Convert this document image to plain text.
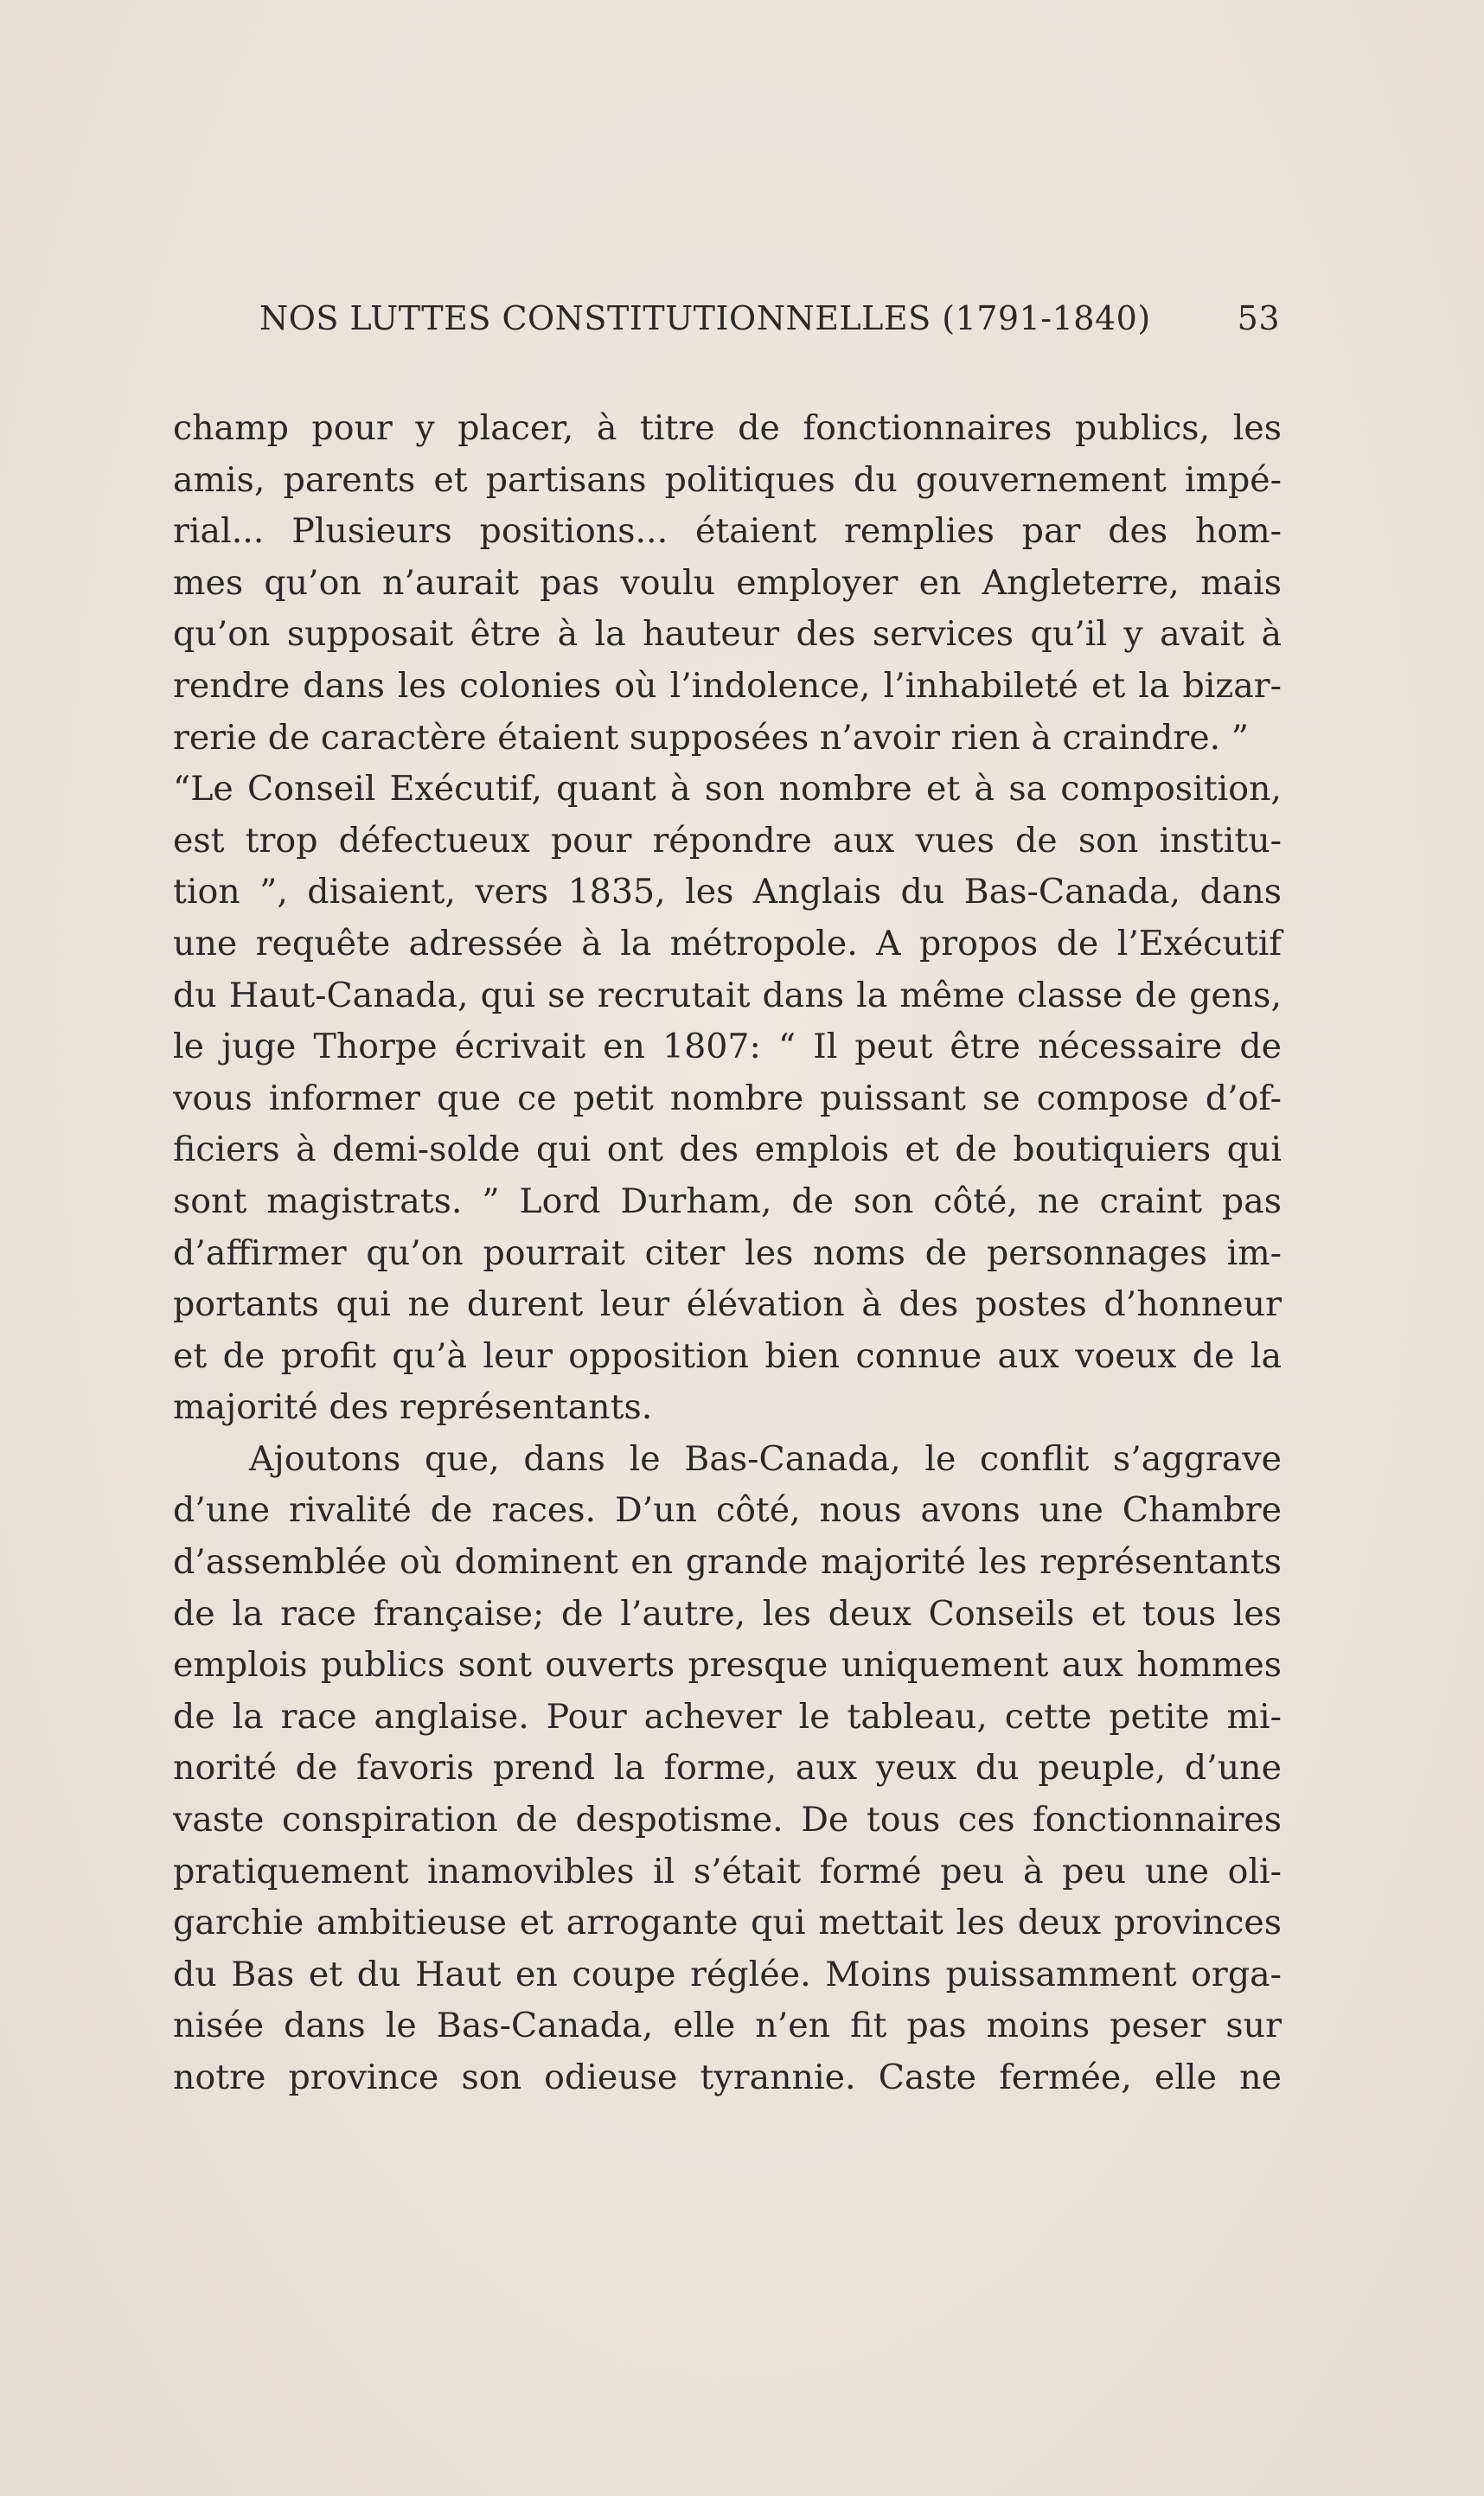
NOS LUTTES CONSTITUTIONNELLES (1791-1840)	53
champ pour y placer, à titre de fonctionnaires publics, les
amis, parents et partisans politiques du gouvernement impé-
rial... Plusieurs positions... étaient remplies par des hom-
mes qu’on n’aurait pas voulu employer en Angleterre, mais
qu’on supposait être à la hauteur des services qu’il y avait à
rendre dans les colonies où l’indolence, l’inhabileté et la bizar-
rerie de caractère étaient supposées n’avoir rien à craindre. ”
“Le Conseil Exécutif, quant à son nombre et à sa composition,
est trop défectueux pour répondre aux vues de son institu-
tion ”, disaient, vers 1835, les Anglais du Bas-Canada, dans
une requête adressée à la métropole. A propos de l’Exécutif
du Haut-Canada, qui se recrutait dans la même classe de gens,
le juge Thorpe écrivait en 1807: “ Il peut être nécessaire de
vous informer que ce petit nombre puissant se compose d’of-
ficiers à demi-solde qui ont des emplois et de boutiquiers qui
sont magistrats. ” Lord Durham, de son côté, ne craint pas
d’affirmer qu’on pourrait citer les noms de personnages im-
portants qui ne durent leur élévation à des postes d’honneur
et de profit qu’à leur opposition bien connue aux voeux de la
majorité des représentants.
Ajoutons que, dans le Bas-Canada, le conflit s’aggrave
d’une rivalité de races. D’un côté, nous avons une Chambre
d’assemblée où dominent en grande majorité les représentants
de la race française; de l’autre, les deux Conseils et tous les
emplois publics sont ouverts presque uniquement aux hommes
de la race anglaise. Pour achever le tableau, cette petite mi-
norité de favoris prend la forme, aux yeux du peuple, d’une
vaste conspiration de despotisme. De tous ces fonctionnaires
pratiquement inamovibles il s’était formé peu à peu une oli-
garchie ambitieuse et arrogante qui mettait les deux provinces
du Bas et du Haut en coupe réglée. Moins puissamment orga-
nisée dans le Bas-Canada, elle n’en fit pas moins peser sur
notre province son odieuse tyrannie. Caste fermée, elle ne
